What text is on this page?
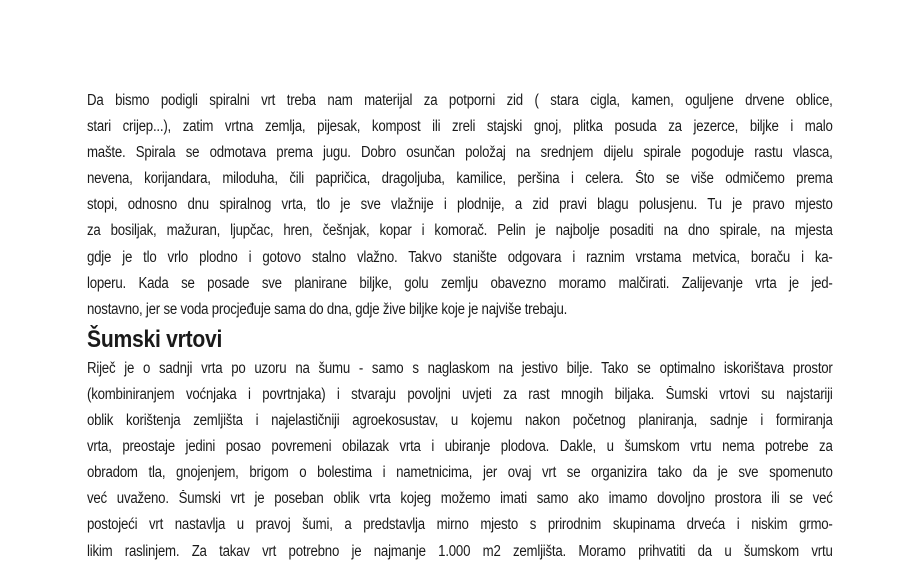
Da bismo podigli spiralni vrt treba nam materijal za potporni zid ( stara cigla, kamen, oguljene drvene oblice,
stari crijep...), zatim vrtna zemlja, pijesak, kompost ili zreli stajski gnoj, plitka posuda za jezerce, biljke i malo
mašte. Spirala se odmotava prema jugu. Dobro osunčan položaj na srednjem dijelu spirale pogoduje rastu vlasca,
nevena, korijandara, miloduha, čili papričica, dragoljuba, kamilice, peršina i celera. Što se više odmičemo prema
stopi, odnosno dnu spiralnog vrta, tlo je sve vlažnije i plodnije, a zid pravi blagu polusjenu. Tu je pravo mjesto
za bosiljak, mažuran, ljupčac, hren, češnjak, kopar i komorač. Pelin je najbolje posaditi na dno spirale, na mjesta
gdje je tlo vrlo plodno i gotovo stalno vlažno. Takvo stanište odgovara i raznim vrstama metvica, boraču i ka-
loperu. Kada se posade sve planirane biljke, golu zemlju obavezno moramo malčirati. Zalijevanje vrta je jed-
nostavno, jer se voda procjeđuje sama do dna, gdje žive biljke koje je najviše trebaju.
Šumski vrtovi
Riječ je o sadnji vrta po uzoru na šumu - samo s naglaskom na jestivo bilje. Tako se optimalno iskorištava prostor
(kombiniranjem voćnjaka i povrtnjaka) i stvaraju povoljni uvjeti za rast mnogih biljaka. Šumski vrtovi su najstariji
oblik korištenja zemljišta i najelastičniji agroekosustav, u kojemu nakon početnog planiranja, sadnje i formiranja
vrta, preostaje jedini posao povremeni obilazak vrta i ubiranje plodova. Dakle, u šumskom vrtu nema potrebe za
obradom tla, gnojenjem, brigom o bolestima i nametnicima, jer ovaj vrt se organizira tako da je sve spomenuto
već uvaženo. Šumski vrt je poseban oblik vrta kojeg možemo imati samo ako imamo dovoljno prostora ili se već
postojeći vrt nastavlja u pravoj šumi, a predstavlja mirno mjesto s prirodnim skupinama drveća i niskim grmo-
likim raslinjem. Za takav vrt potrebno je najmanje 1.000 m2 zemljišta. Moramo prihvatiti da u šumskom vrtu
